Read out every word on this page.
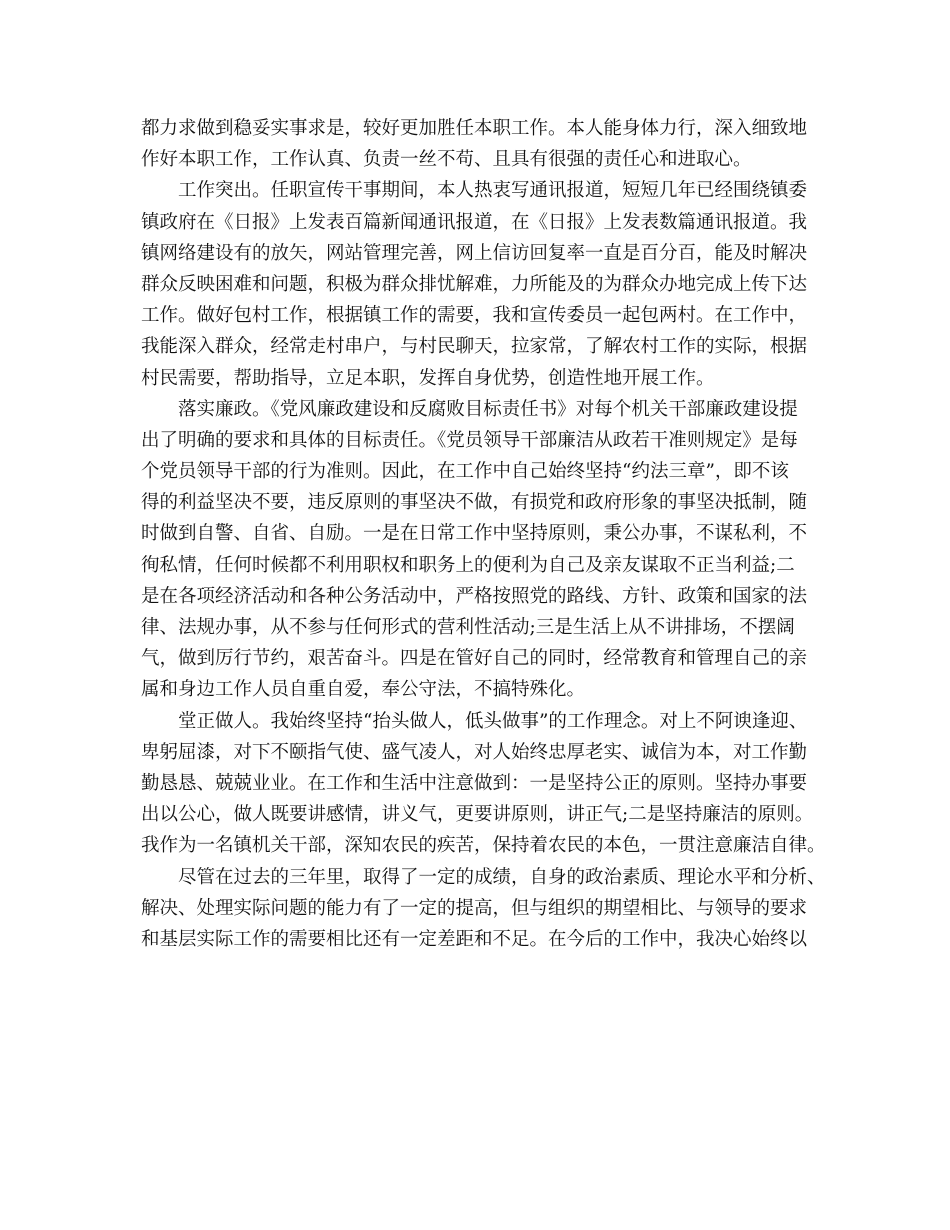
都力求做到稳妥实事求是，较好更加胜任本职工作。本人能身体力行，深入细致地
作好本职工作，工作认真、负责一丝不苟、且具有很强的责任心和进取心。
工作突出。任职宣传干事期间，本人热衷写通讯报道，短短几年已经围绕镇委
镇政府在《日报》上发表百篇新闻通讯报道，在《日报》上发表数篇通讯报道。我
镇网络建设有的放矢，网站管理完善，网上信访回复率一直是百分百，能及时解决
群众反映困难和问题，积极为群众排忧解难，力所能及的为群众办地完成上传下达
工作。做好包村工作，根据镇工作的需要，我和宣传委员一起包两村。在工作中，
我能深入群众，经常走村串户，与村民聊天，拉家常，了解农村工作的实际，根据
村民需要，帮助指导，立足本职，发挥自身优势，创造性地开展工作。
落实廉政。《党风廉政建设和反腐败目标责任书》对每个机关干部廉政建设提
出了明确的要求和具体的目标责任。《党员领导干部廉洁从政若干准则规定》是每
个党员领导干部的行为准则。因此，在工作中自己始终坚持“约法三章”，即不该
得的利益坚决不要，违反原则的事坚决不做，有损党和政府形象的事坚决抵制，随
时做到自警、自省、自励。一是在日常工作中坚持原则，秉公办事，不谋私利，不
徇私情，任何时候都不利用职权和职务上的便利为自己及亲友谋取不正当利益;二
是在各项经济活动和各种公务活动中，严格按照党的路线、方针、政策和国家的法
律、法规办事，从不参与任何形式的营利性活动;三是生活上从不讲排场，不摆阔
气，做到厉行节约，艰苦奋斗。四是在管好自己的同时，经常教育和管理自己的亲
属和身边工作人员自重自爱，奉公守法，不搞特殊化。
堂正做人。我始终坚持“抬头做人，低头做事”的工作理念。对上不阿谀逢迎、
卑躬屈漆，对下不颐指气使、盛气凌人，对人始终忠厚老实、诚信为本，对工作勤
勤恳恳、兢兢业业。在工作和生活中注意做到：一是坚持公正的原则。坚持办事要
出以公心，做人既要讲感情，讲义气，更要讲原则，讲正气;二是坚持廉洁的原则。
我作为一名镇机关干部，深知农民的疾苦，保持着农民的本色，一贯注意廉洁自律。
尽管在过去的三年里，取得了一定的成绩，自身的政治素质、理论水平和分析、
解决、处理实际问题的能力有了一定的提高，但与组织的期望相比、与领导的要求
和基层实际工作的需要相比还有一定差距和不足。在今后的工作中，我决心始终以
